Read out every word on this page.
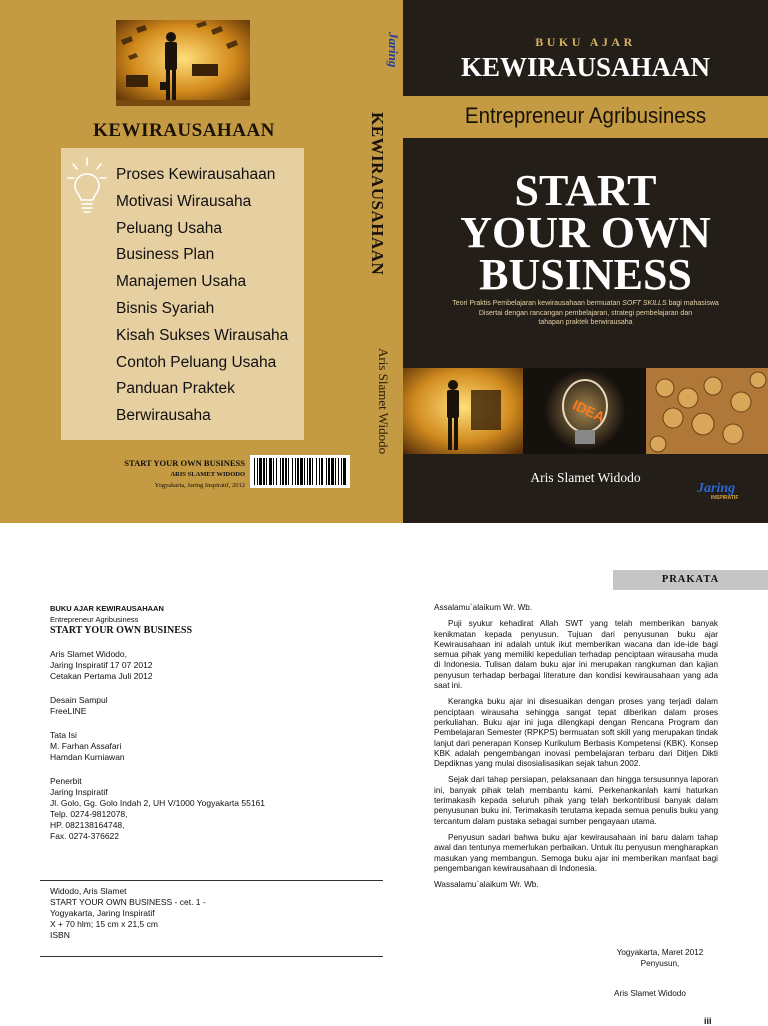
KEWIRAUSAHAAN
Proses Kewirausahaan
Motivasi Wirausaha
Peluang Usaha
Business Plan
Manajemen Usaha
Bisnis Syariah
Kisah Sukses Wirausaha
Contoh Peluang Usaha
Panduan Praktek
Berwirausaha
START YOUR OWN BUSINESS
ARIS SLAMET WIDODO
Yogyakarta, Jaring Inspiratif, 2012
Jaring
KEWIRAUSAHAAN
Aris Slamet Widodo
BUKU AJAR
KEWIRAUSAHAAN
Entrepreneur Agribusiness
START
YOUR OWN
BUSINESS
Teori Praktis Pembelajaran kewirausahaan bermuatan SOFT SKILLS bagi mahasiswa
Disertai dengan rancangan pembelajaran, strategi pembelajaran dan
tahapan praktek berwirausaha
IDEA
Aris Slamet Widodo
Jaring
INSPIRATIF
PRAKATA
BUKU AJAR KEWIRAUSAHAAN
Entrepreneur Agribusiness
START YOUR OWN BUSINESS
Aris Slamet Widodo,
Jaring Inspiratif 17 07 2012
Cetakan Pertama Juli 2012
Desain Sampul
FreeLINE
Tata Isi
M. Farhan Assafari
Hamdan Kurniawan
Penerbit
Jaring Inspiratif
Jl. Golo, Gg. Golo Indah 2, UH V/1000 Yogyakarta 55161
Telp. 0274-9812078,
HP. 082138164748,
Fax. 0274-376622
Widodo, Aris Slamet
START YOUR OWN BUSINESS - cet. 1 -
Yogyakarta, Jaring Inspiratif
X + 70 hlm; 15 cm x 21,5 cm
ISBN
Assalamu`alaikum Wr. Wb.

Puji syukur kehadirat Allah SWT yang telah memberikan banyak kenikmatan kepada penyusun. Tujuan dari penyusunan buku ajar Kewirausahaan ini adalah untuk ikut memberikan wacana dan ide-ide bagi semua pihak yang memiliki kepedulian terhadap penciptaan wirausaha muda di Indonesia. Tulisan dalam buku ajar ini merupakan rangkuman dan kajian penyusun terhadap berbagai literature dan kondisi kewirausahaan yang ada saat ini.

Kerangka buku ajar ini disesuaikan dengan proses yang terjadi dalam penciptaan wirausaha sehingga sangat tepat diberikan dalam proses perkuliahan. Buku ajar ini juga dilengkapi dengan Rencana Program dan Pembelajaran Semester (RPKPS) bermuatan soft skill yang merupakan tindak lanjut dari penerapan Konsep Kurikulum Berbasis Kompetensi (KBK). Konsep KBK adalah pengembangan inovasi pembelajaran terbaru dari Ditjen Dikti Depdiknas yang mulai disosialisasikan sejak tahun 2002.

Sejak dari tahap persiapan, pelaksanaan dan hingga tersusunnya laporan ini, banyak pihak telah membantu kami. Perkenankanlah kami haturkan terimakasih kepada seluruh pihak yang telah berkontribusi banyak dalam penyusunan buku ini. Terimakasih terutama kepada semua penulis buku yang tercantum dalam pustaka sebagai sumber pengayaan utama.

Penyusun sadari bahwa buku ajar kewirausahaan ini baru dalam tahap awal dan tentunya memerlukan perbaikan. Untuk itu penyusun mengharapkan masukan yang membangun. Semoga buku ajar ini memberikan manfaat bagi pengembangan kewirausahaan di Indonesia.

Wassalamu`alaikum Wr. Wb.
Yogyakarta, Maret 2012
Penyusun,
Aris Slamet Widodo
iii
